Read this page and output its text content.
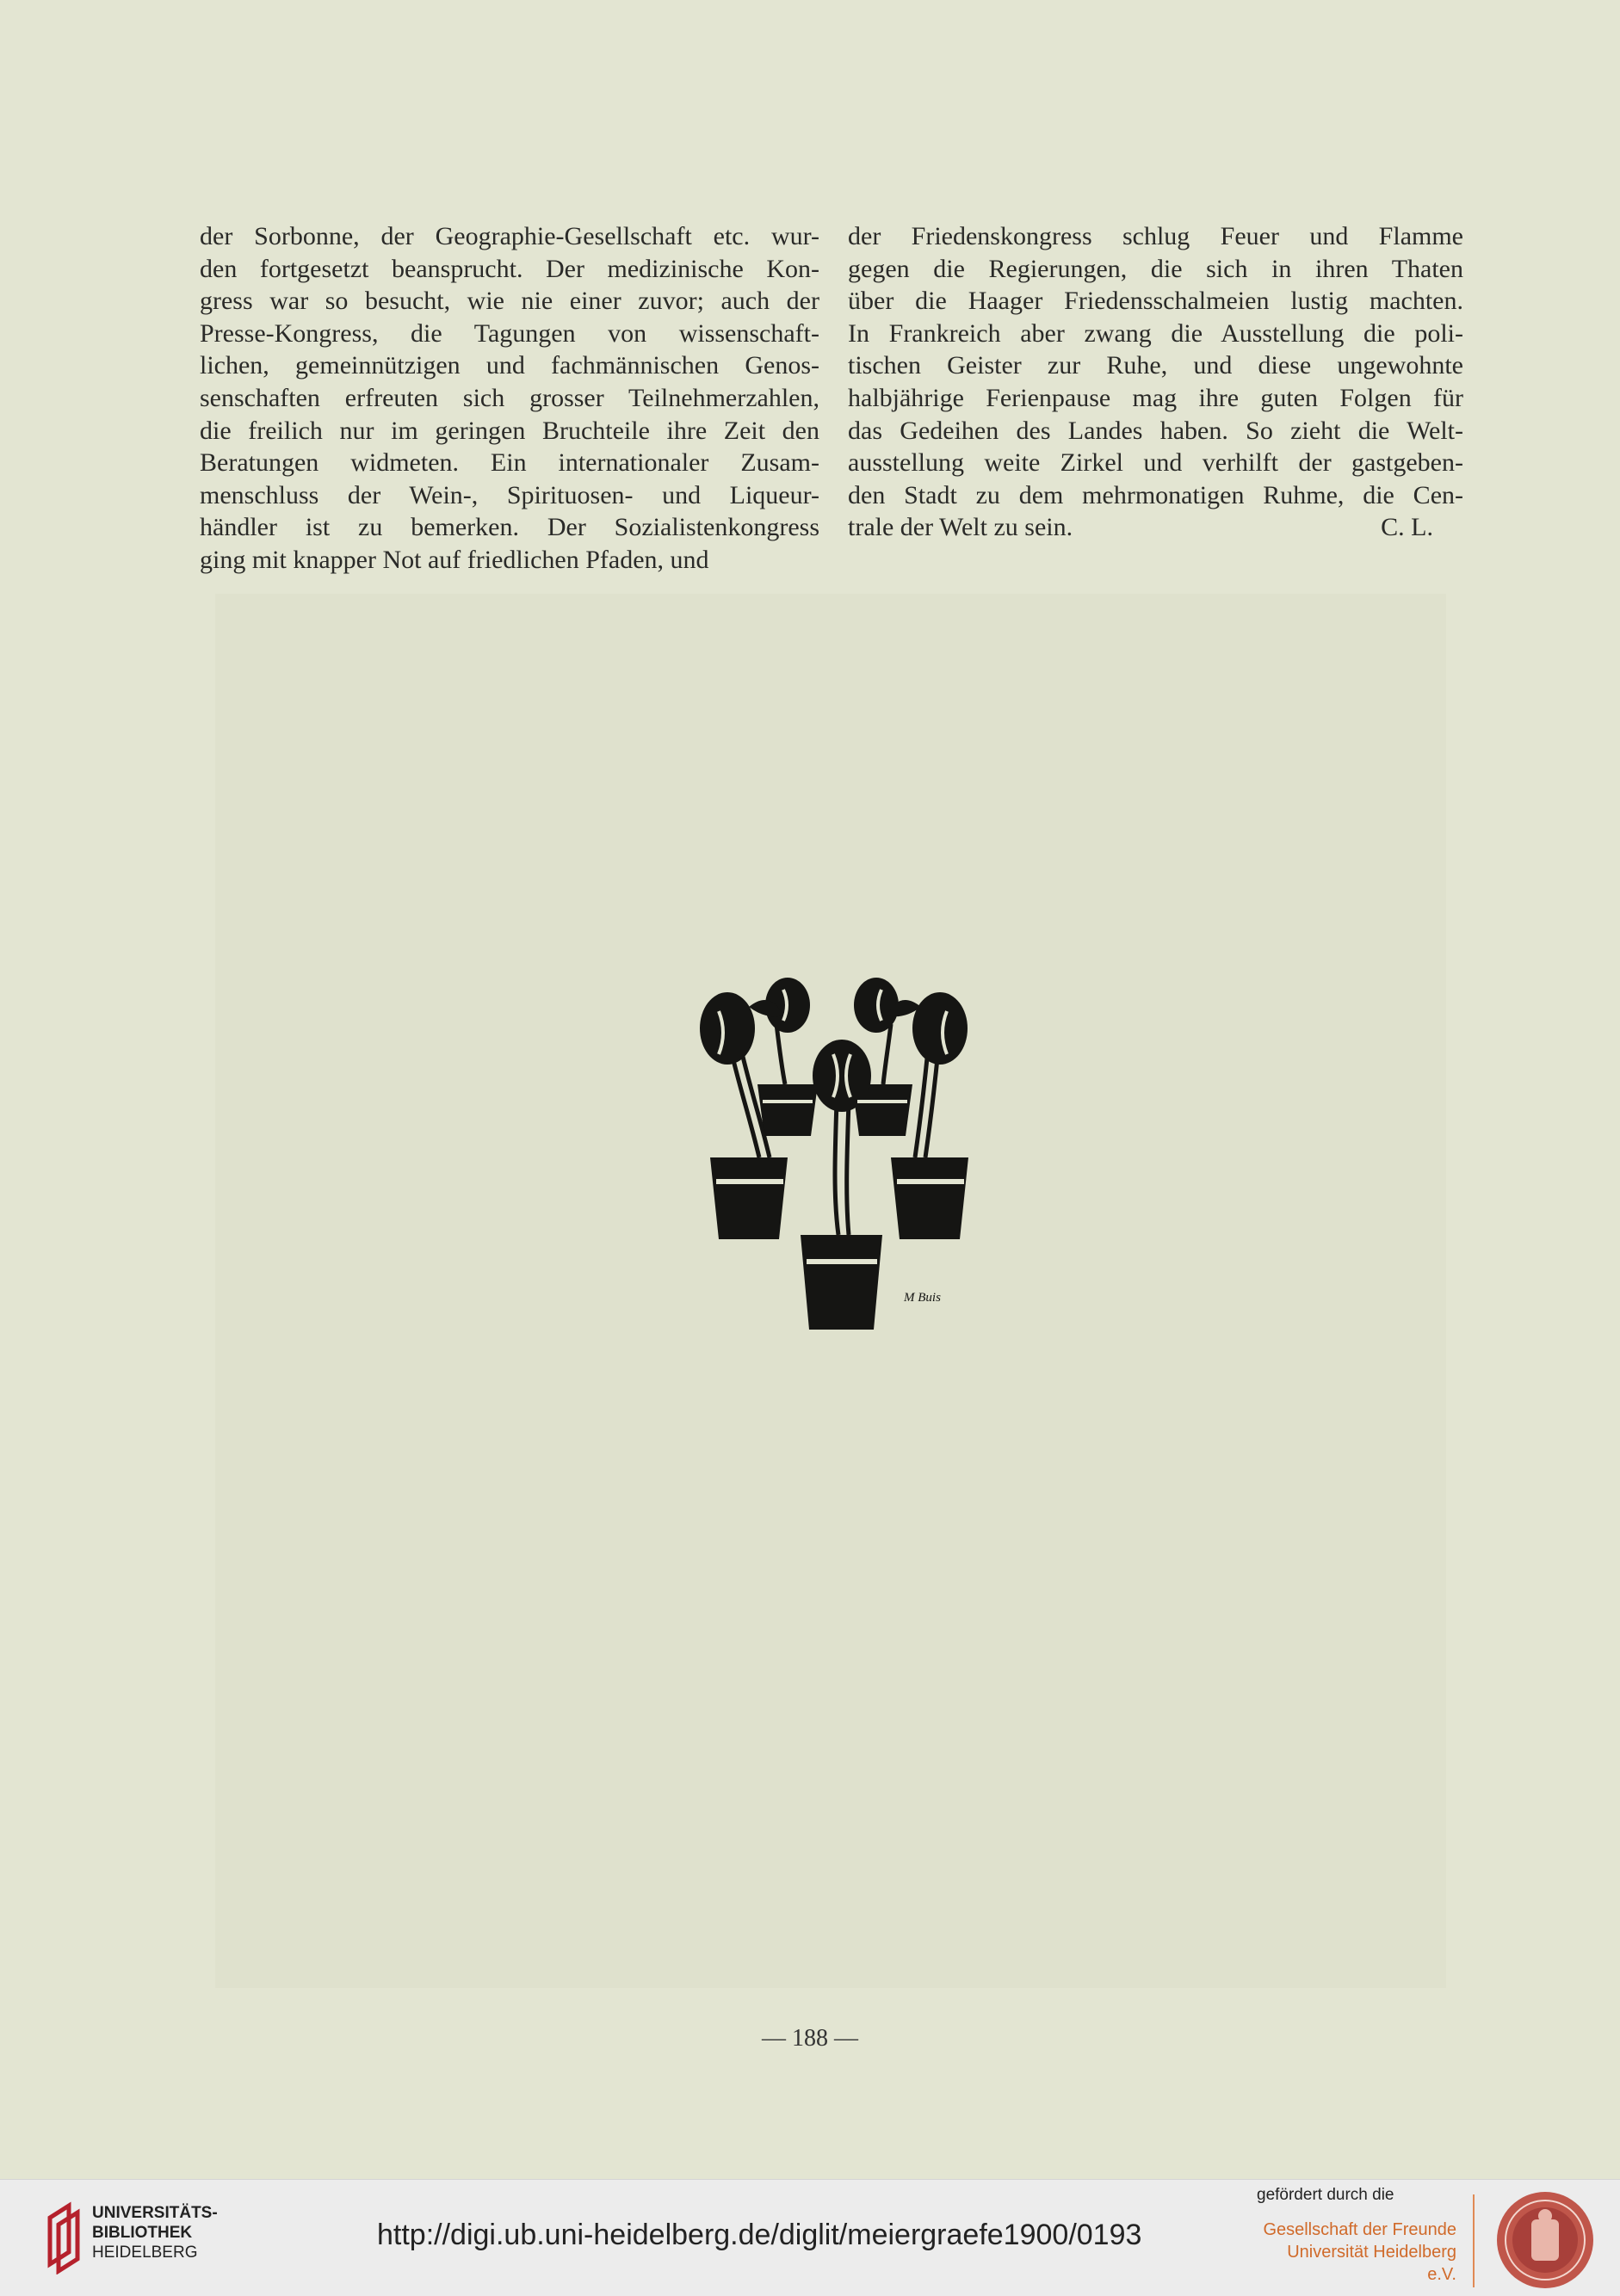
der Sorbonne, der Geographie-Gesellschaft etc. wur-
den fortgesetzt beansprucht. Der medizinische Kon-
gress war so besucht, wie nie einer zuvor; auch der
Presse-Kongress, die Tagungen von wissenschaft-
lichen, gemeinnützigen und fachmännischen Genos-
senschaften erfreuten sich grosser Teilnehmerzahlen,
die freilich nur im geringen Bruchteile ihre Zeit den
Beratungen widmeten. Ein internationaler Zusam-
menschluss der Wein-, Spirituosen- und Liqueur-
händler ist zu bemerken. Der Sozialistenkongress
ging mit knapper Not auf friedlichen Pfaden, und
der Friedenskongress schlug Feuer und Flamme
gegen die Regierungen, die sich in ihren Thaten
über die Haager Friedensschalmeien lustig machten.
In Frankreich aber zwang die Ausstellung die poli-
tischen Geister zur Ruhe, und diese ungewohnte
halbjährige Ferienpause mag ihre guten Folgen für
das Gedeihen des Landes haben. So zieht die Welt-
ausstellung weite Zirkel und verhilft der gastgeben-
den Stadt zu dem mehrmonatigen Ruhme, die Cen-
trale der Welt zu sein.	C. L.
M Buis
— 188 —
UNIVERSITÄTS-
BIBLIOTHEK
HEIDELBERG
http://digi.ub.uni-heidelberg.de/diglit/meiergraefe1900/0193
gefördert durch die
Gesellschaft der Freunde
Universität Heidelberg e.V.
